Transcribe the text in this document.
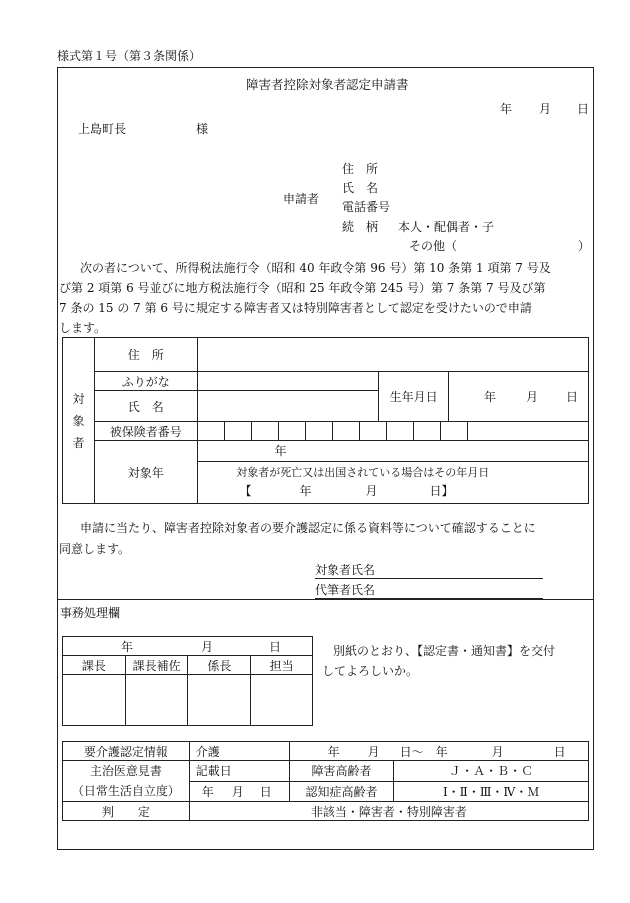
様式第１号（第３条関係）
障害者控除対象者認定申請書
年 月 日
上島町長	様
申請者
住　所
氏　名
電話番号
続　柄 本人・配偶者・子
その他（	）
次の者について、所得税法施行令（昭和 40 年政令第 96 号）第 10 条第 1 項第 7 号及
び第 2 項第 6 号並びに地方税法施行令（昭和 25 年政令第 245 号）第 7 条第 7 号及び第
7 条の 15 の 7 第 6 号に規定する障害者又は特別障害者として認定を受けたいので申請
します。
対
象
者	住　所			
	ふりがな		生年月日	年 月 日
	氏　名			
	被保険者番号			

	対象年	年
対象者が死亡又は出国されている場合はその年月日
【 年 月 日】		
申請に当たり、障害者控除対象者の要介護認定に係る資料等について確認することに
同意します。
対象者氏名
代筆者氏名
事務処理欄
年 月 日			
課長	課長補佐	係長	担当

別紙のとおり、【認定書・通知書】を交付
してよろしいか。
要介護認定情報	介護	年 月 日～ 年 月 日	
主治医意見書
（日常生活自立度）	記載日	障害高齢者	Ｊ・Ａ・Ｂ・Ｃ
	年 月 日	認知症高齢者	Ⅰ・Ⅱ・Ⅲ・Ⅳ・Ｍ
判　　定	非該当・障害者・特別障害者		
